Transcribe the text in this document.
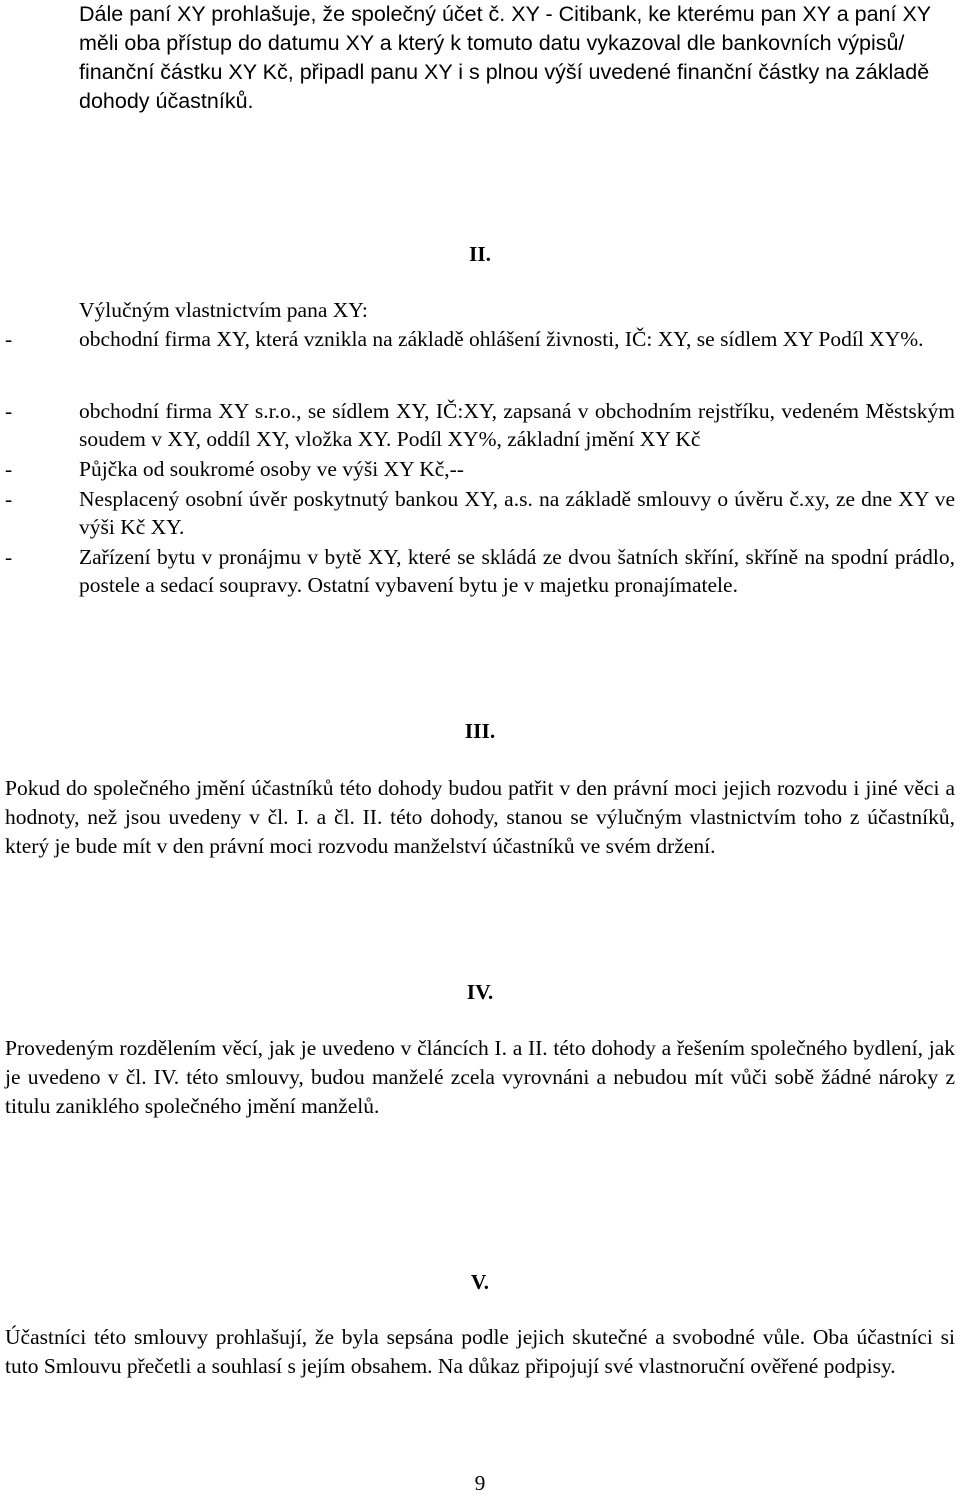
Dále paní XY prohlašuje, že společný účet č. XY - Citibank, ke kterému pan XY a paní XY měli oba přístup do datumu XY a který k tomuto datu vykazoval dle bankovních výpisů/ finanční částku XY Kč, připadl panu XY i s plnou výší uvedené finanční částky na základě dohody účastníků.

II.
Výlučným vlastnictvím pana XY:
-	obchodní firma XY, která vznikla na základě ohlášení živnosti, IČ: XY, se sídlem XY Podíl XY%.
-	obchodní firma XY s.r.o., se sídlem XY, IČ:XY, zapsaná v obchodním rejstříku, vedeném Městským soudem v XY, oddíl XY, vložka XY. Podíl XY%, základní jmění XY Kč
-	Půjčka od soukromé osoby ve výši XY Kč,--
-	Nesplacený osobní úvěr poskytnutý bankou XY, a.s. na základě smlouvy o úvěru č.xy, ze dne XY ve výši Kč XY.
-	Zařízení bytu v pronájmu v bytě XY, které se skládá ze dvou šatních skříní, skříně na spodní prádlo, postele a sedací soupravy. Ostatní vybavení bytu je v majetku pronajímatele.
III.

Pokud do společného jmění účastníků této dohody budou patřit v den právní moci jejich rozvodu i jiné věci a hodnoty, než jsou uvedeny v čl. I. a čl. II. této dohody, stanou se výlučným vlastnictvím toho z účastníků, který je bude mít v den právní moci rozvodu manželství účastníků ve svém držení.

IV.

Provedeným rozdělením věcí, jak je uvedeno v článcích I. a II. této dohody a řešením společného bydlení, jak je uvedeno v čl. IV. této smlouvy, budou manželé zcela vyrovnáni a nebudou mít vůči sobě žádné nároky z titulu zaniklého společného jmění manželů.

V.

Účastníci této smlouvy prohlašují, že byla sepsána podle jejich skutečné a svobodné vůle. Oba účastníci si tuto Smlouvu přečetli a souhlasí s jejím obsahem. Na důkaz připojují své vlastnoruční ověřené podpisy.

9
